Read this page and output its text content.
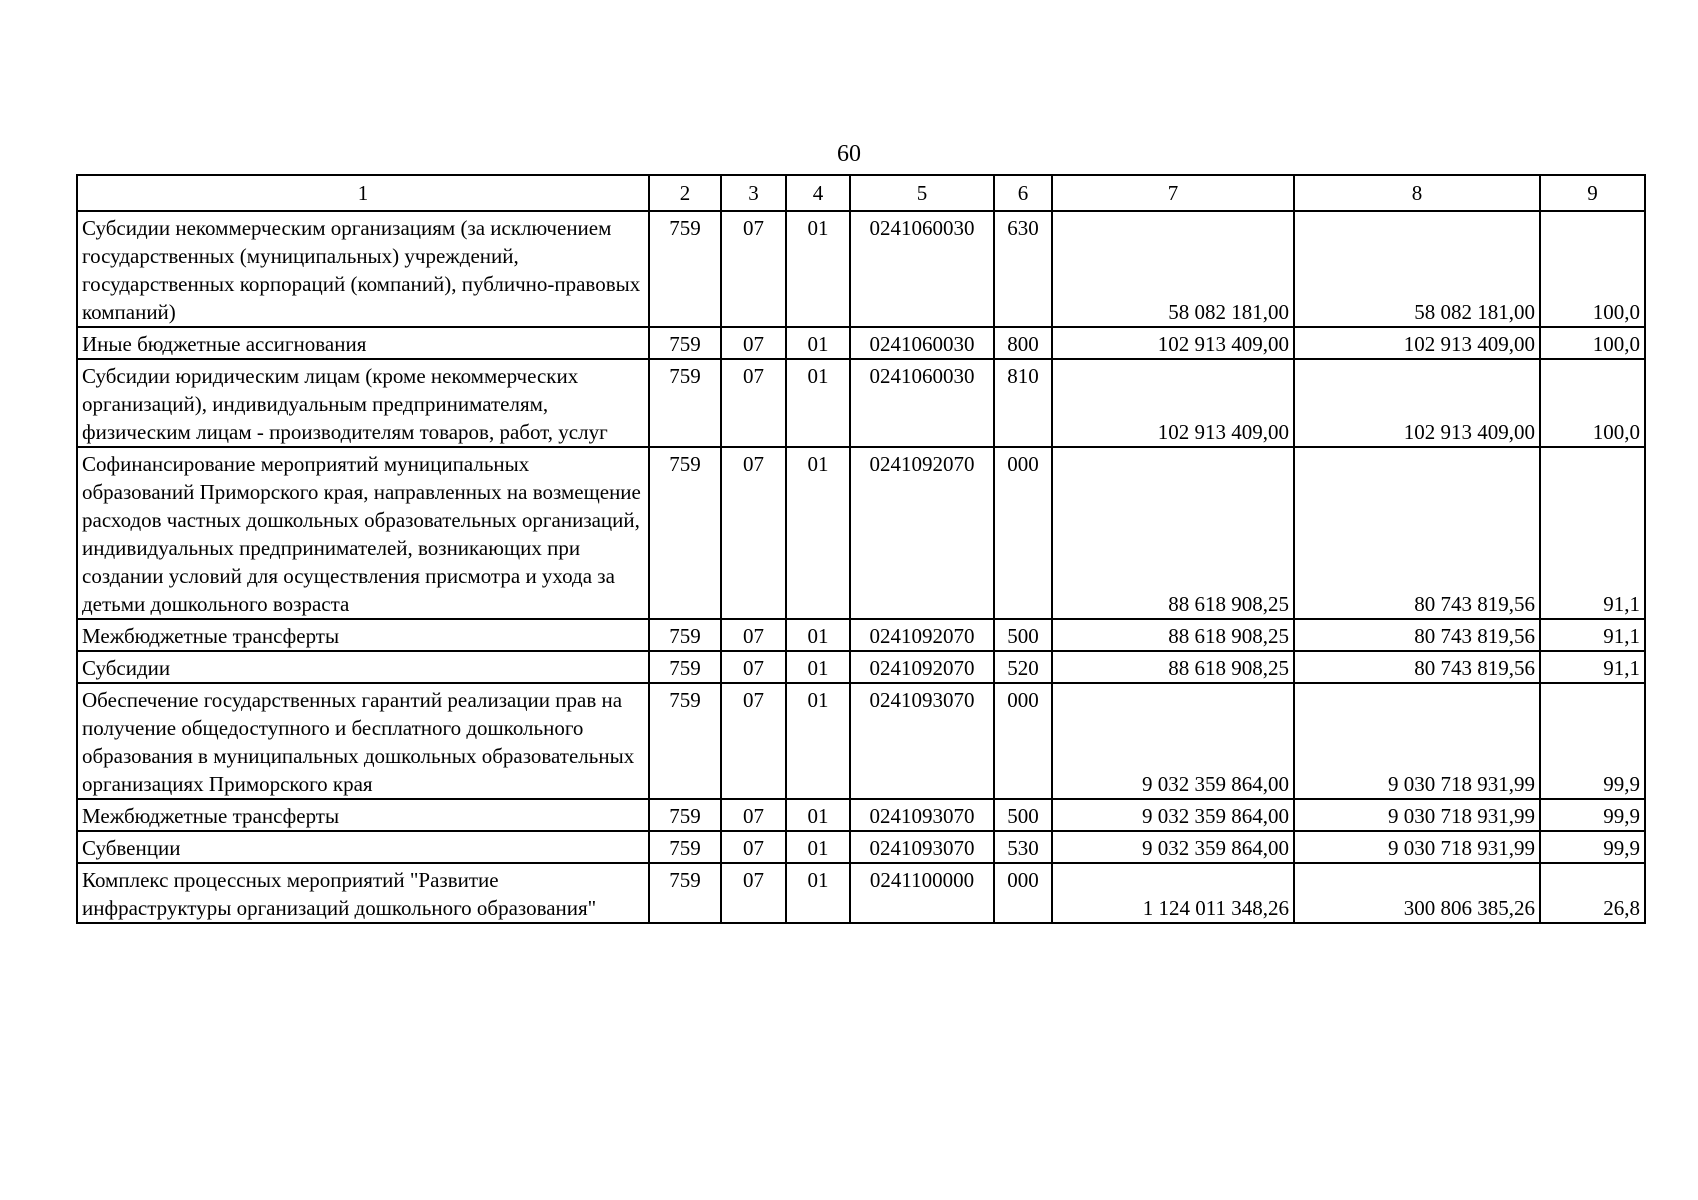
60
1	2	3	4	5	6	7	8	9
Субсидии некоммерческим организациям (за исключением государственных (муниципальных) учреждений, государственных корпораций (компаний), публично-правовых компаний)	759	07	01	0241060030	630	58 082 181,00	58 082 181,00	100,0
Иные бюджетные ассигнования	759	07	01	0241060030	800	102 913 409,00	102 913 409,00	100,0
Субсидии юридическим лицам (кроме некоммерческих организаций), индивидуальным предпринимателям, физическим лицам - производителям товаров, работ, услуг	759	07	01	0241060030	810	102 913 409,00	102 913 409,00	100,0
Софинансирование мероприятий муниципальных образований Приморского края, направленных на возмещение расходов частных дошкольных образовательных организаций, индивидуальных предпринимателей, возникающих при создании условий для осуществления присмотра и ухода за детьми дошкольного возраста	759	07	01	0241092070	000	88 618 908,25	80 743 819,56	91,1
Межбюджетные трансферты	759	07	01	0241092070	500	88 618 908,25	80 743 819,56	91,1
Субсидии	759	07	01	0241092070	520	88 618 908,25	80 743 819,56	91,1
Обеспечение государственных гарантий реализации прав на получение общедоступного и бесплатного дошкольного образования в муниципальных дошкольных образовательных организациях Приморского края	759	07	01	0241093070	000	9 032 359 864,00	9 030 718 931,99	99,9
Межбюджетные трансферты	759	07	01	0241093070	500	9 032 359 864,00	9 030 718 931,99	99,9
Субвенции	759	07	01	0241093070	530	9 032 359 864,00	9 030 718 931,99	99,9
Комплекс процессных мероприятий "Развитие инфраструктуры организаций дошкольного образования"	759	07	01	0241100000	000	1 124 011 348,26	300 806 385,26	26,8
